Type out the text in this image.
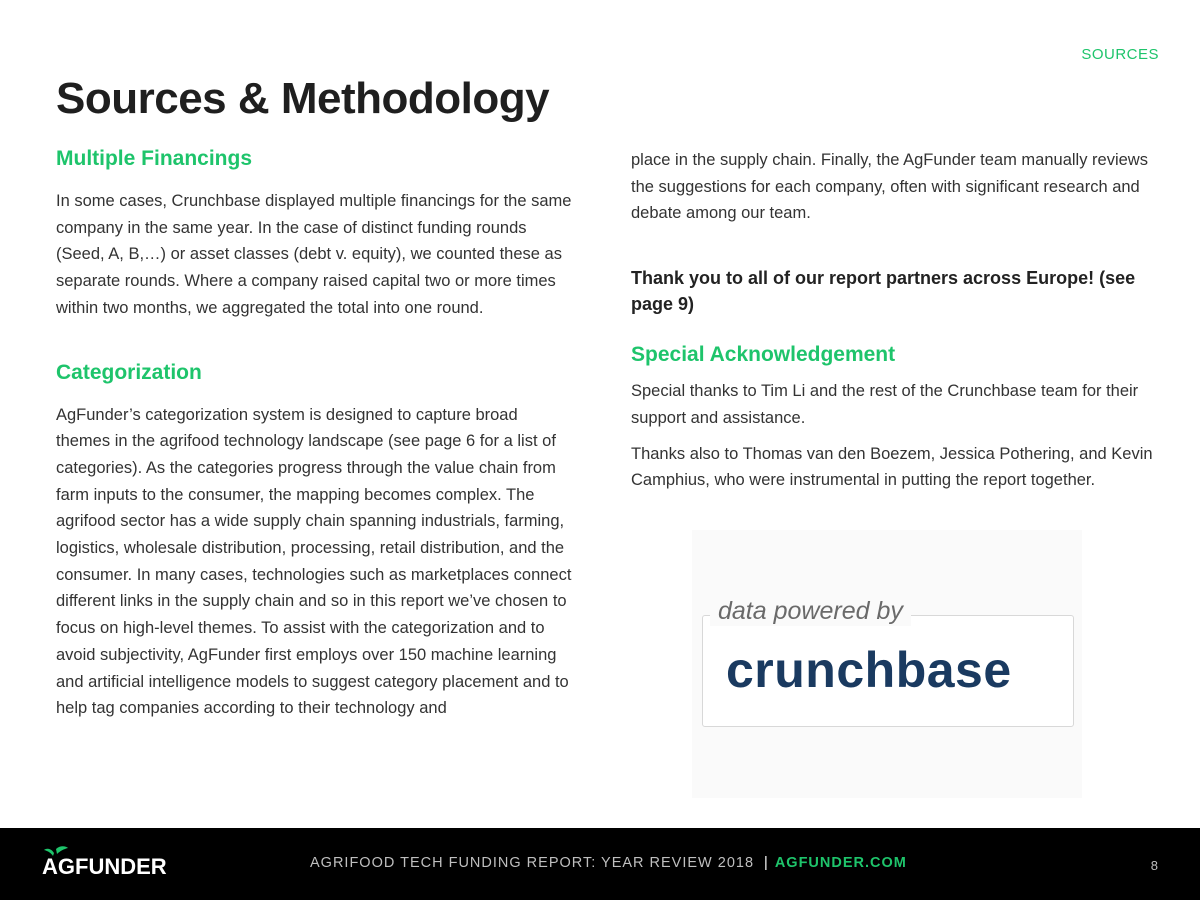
SOURCES
Sources & Methodology
Multiple Financings

In some cases, Crunchbase displayed multiple financings for the same company in the same year. In the case of distinct funding rounds (Seed, A, B,…) or asset classes (debt v. equity), we counted these as separate rounds. Where a company raised capital two or more times within two months, we aggregated the total into one round.

Categorization

AgFunder’s categorization system is designed to capture broad themes in the agrifood technology landscape (see page 6 for a list of categories). As the categories progress through the value chain from farm inputs to the consumer, the mapping becomes complex. The agrifood sector has a wide supply chain spanning industrials, farming, logistics, wholesale distribution, processing, retail distribution, and the consumer. In many cases, technologies such as marketplaces connect different links in the supply chain and so in this report we’ve chosen to focus on high-level themes. To assist with the categorization and to avoid subjectivity, AgFunder first employs over 150 machine learning and artificial intelligence models to suggest category placement and to help tag companies according to their technology and

place in the supply chain. Finally, the AgFunder team manually reviews the suggestions for each company, often with significant research and debate among our team.

Thank you to all of our report partners across Europe! (see page 9)

Special Acknowledgement

Special thanks to Tim Li and the rest of the Crunchbase team for their support and assistance.

Thanks also to Thomas van den Boezem, Jessica Pothering, and Kevin Camphius, who were instrumental in putting the report together.

data powered by
crunchbase
AGFUNDER	AGRIFOOD TECH FUNDING REPORT: YEAR REVIEW 2018 | AGFUNDER.COM	8
